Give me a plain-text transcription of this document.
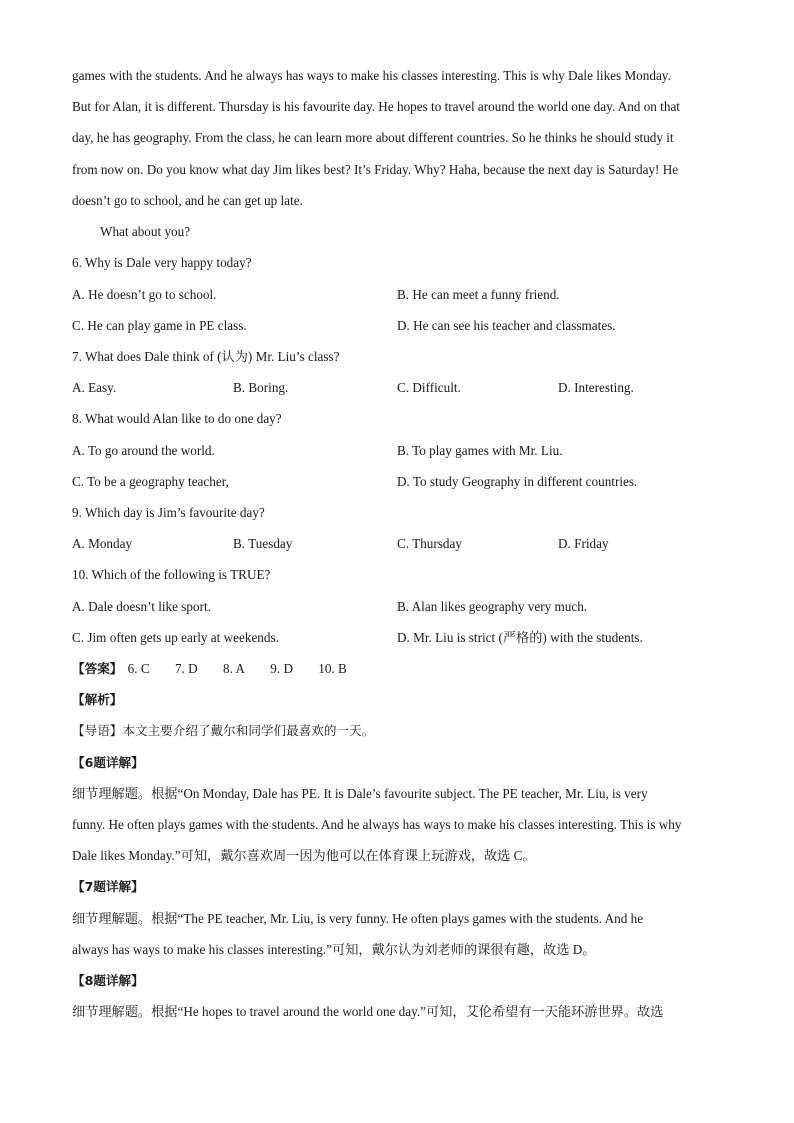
games with the students. And he always has ways to make his classes interesting. This is why Dale likes Monday.
But for Alan, it is different. Thursday is his favourite day. He hopes to travel around the world one day. And on that
day, he has geography. From the class, he can learn more about different countries. So he thinks he should study it
from now on. Do you know what day Jim likes best? It’s Friday. Why? Haha, because the next day is Saturday! He
doesn’t go to school, and he can get up late.
What about you?
6. Why is Dale very happy today?
A. He doesn’t go to school.	B. He can meet a funny friend.
C. He can play game in PE class.	D. He can see his teacher and classmates.
7. What does Dale think of (认为) Mr. Liu’s class?
A. Easy.	B. Boring.	C. Difficult.	D. Interesting.
8. What would Alan like to do one day?
A. To go around the world.	B. To play games with Mr. Liu.
C. To be a geography teacher,	D. To study Geography in different countries.
9. Which day is Jim’s favourite day?
A. Monday	B. Tuesday	C. Thursday	D. Friday
10. Which of the following is TRUE?
A. Dale doesn’t like sport.	B. Alan likes geography very much.
C. Jim often gets up early at weekends.	D. Mr. Liu is strict (严格的) with the students.
【答案】 6. C 7. D 8. A 9. D 10. B
【解析】
【导语】本文主要介绍了戴尔和同学们最喜欢的一天。
【6题详解】
细节理解题。根据“On Monday, Dale has PE. It is Dale’s favourite subject. The PE teacher, Mr. Liu, is very
funny. He often plays games with the students. And he always has ways to make his classes interesting. This is why
Dale likes Monday.”可知，戴尔喜欢周一因为他可以在体育课上玩游戏，故选 C。
【7题详解】
细节理解题。根据“The PE teacher, Mr. Liu, is very funny. He often plays games with the students. And he
always has ways to make his classes interesting.”可知，戴尔认为刘老师的课很有趣，故选 D。
【8题详解】
细节理解题。根据“He hopes to travel around the world one day.”可知，艾伦希望有一天能环游世界。故选
